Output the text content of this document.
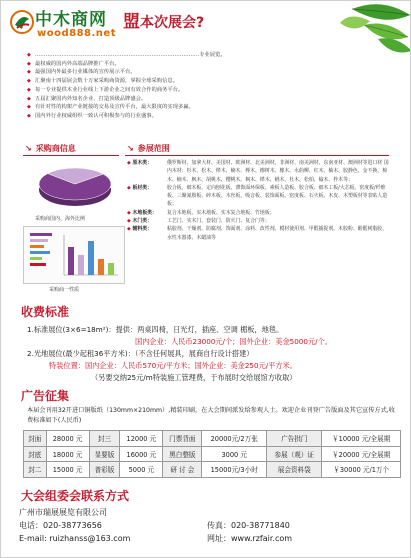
中木商网
wood888.net
盟本次展会?
◆ …………………………………………………………………………………专业展览。
◆ 最权威的国内外高端品牌推广平台。
◆ 最强国内外最多行业媒体的宣传展示平台。
◆ 汇聚南十四届展会数十万家采购商资源，掌握全球采购信息。
◆ 每一专业提供木业行业线上下游企业之间有效合作的商务平台。
◆ 五届汇聚国内外知名企业、打造顶级品牌盛会。
◆ 有针对性的构架产业链接的交易及宣传平台，最大限度的实现多赢。
◆ 国内外行业权威组织一致认可积极参与的行业盛事。
↘ 采购商信息	↘ 参展范围
采购商国内、海外比例
采购商一性质
◆ 原木类：	俄罗斯材、加拿大材、美国材、欧洲材、北美洲材、非洲材、南美洲材、东南亚材、澳洲材等进口材 国内木材：杉木、松木、桦木、楠木、榉木、檫树木、橡木、水曲柳、红木、柚木、胶静色、金不换、樟木、楠木、枫木、胡桃木、樱桃木、枫木、桦木、楢木、杜木、松柏、榆木、柞木等；
◆ 板材类：	胶合板、细木板、定向刨花板、薄饰面环保板、素板人造板、胶合板、细木工板/大芯板、密度板/纤维板、三聚氰胺板、碎木板、木丝板、吸音板、装饰面板、密度板、石火板、木皮、木塑板材等表贴人造板；
◆ 木地板类： 复合木地板、实木地板、实木复合地板、竹地板；
◆ 木门类：	工艺门、实木门、套装门、防火门、复合门等；
◆ 辅料类：	粘胶剂、干燥剂、防腐剂、饰面剂、涂料、改性剂、模材使用剂、甲醛捕捉剂、木胶粉、酚醛树脂胶、水性木器漆、木蜡油等
收费标准
1.标准展位(3×6=18m²)：提供：两桌四椅，日光灯，插座、空调 楣板，地毯。
国内企业：人民币23000元/个；国外企业：美金5000元/个。
2.光地展位(最少起租36平方米)：（不含任何展具，展商自行设计搭建）
特装位置：国内企业：人民币570元/平方米；国外企业：美金250元/平方米。
（另要交纳25元/m特装施工管理费，于布展时交给展馆方收取）
广告征集
本届会刊用32开进口铜版纸（130mm×210mm）,精装印刷，在大会期间派发给参观人士。欢迎企业刊登广告版面及其它宣传方式,收费标准如下(人民币)
封面	28000 元	封三	12000 元	门票背面	20000元/2万张	广告拱门	￥10000 元/全展期
封底	18000 元	显要版	16000 元	黑白整版	3000 元	参展（观）证	￥20000 元/全展期
封二	15000 元	普彩版	5000 元	研 讨 会	15000元/3小时	展会资料袋	￥30000 元/1万个
大会组委会联系方式
广州市瑞展展览有限公司
电话：020-38773656	传真：020-38771840
E-mail: ruizhanss@163.com	网址：www.rzfair.com
